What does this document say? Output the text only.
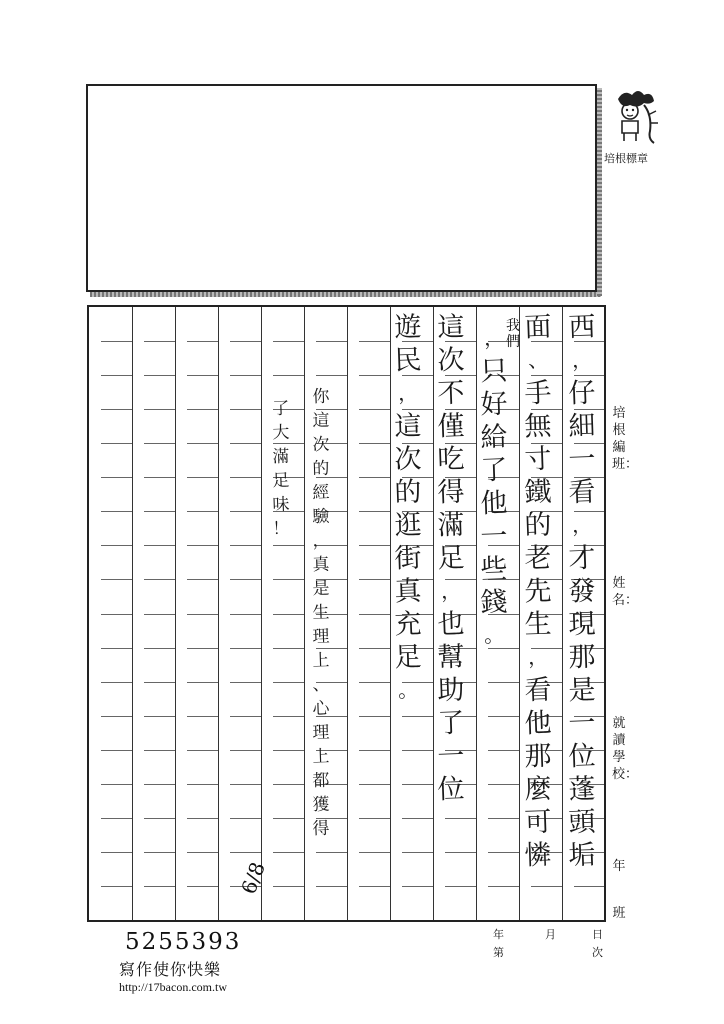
培根標章
培根編班：
姓名：
就讀學校：
年
班
西
，
仔
細
一
看
，
才
發
現
那
是
一
位
蓬
頭
垢
面
、
手
無
寸
鐵
的
老
先
生
，
看
他
那
麼
可
憐
，
只
好
給
了
他
一
些
錢
。
這
次
不
僅
吃
得
滿
足
，
也
幫
助
了
一
位
遊
民
，
這
次
的
逛
街
真
充
足
。
我們
你
這
次
的
經
驗
，
真
是
生
理
上
、
心
理
上
都
獲
得
了
大
滿
足
味
！
6/8
年
第
月	日
次
5255393
寫作使你快樂
http://17bacon.com.tw
